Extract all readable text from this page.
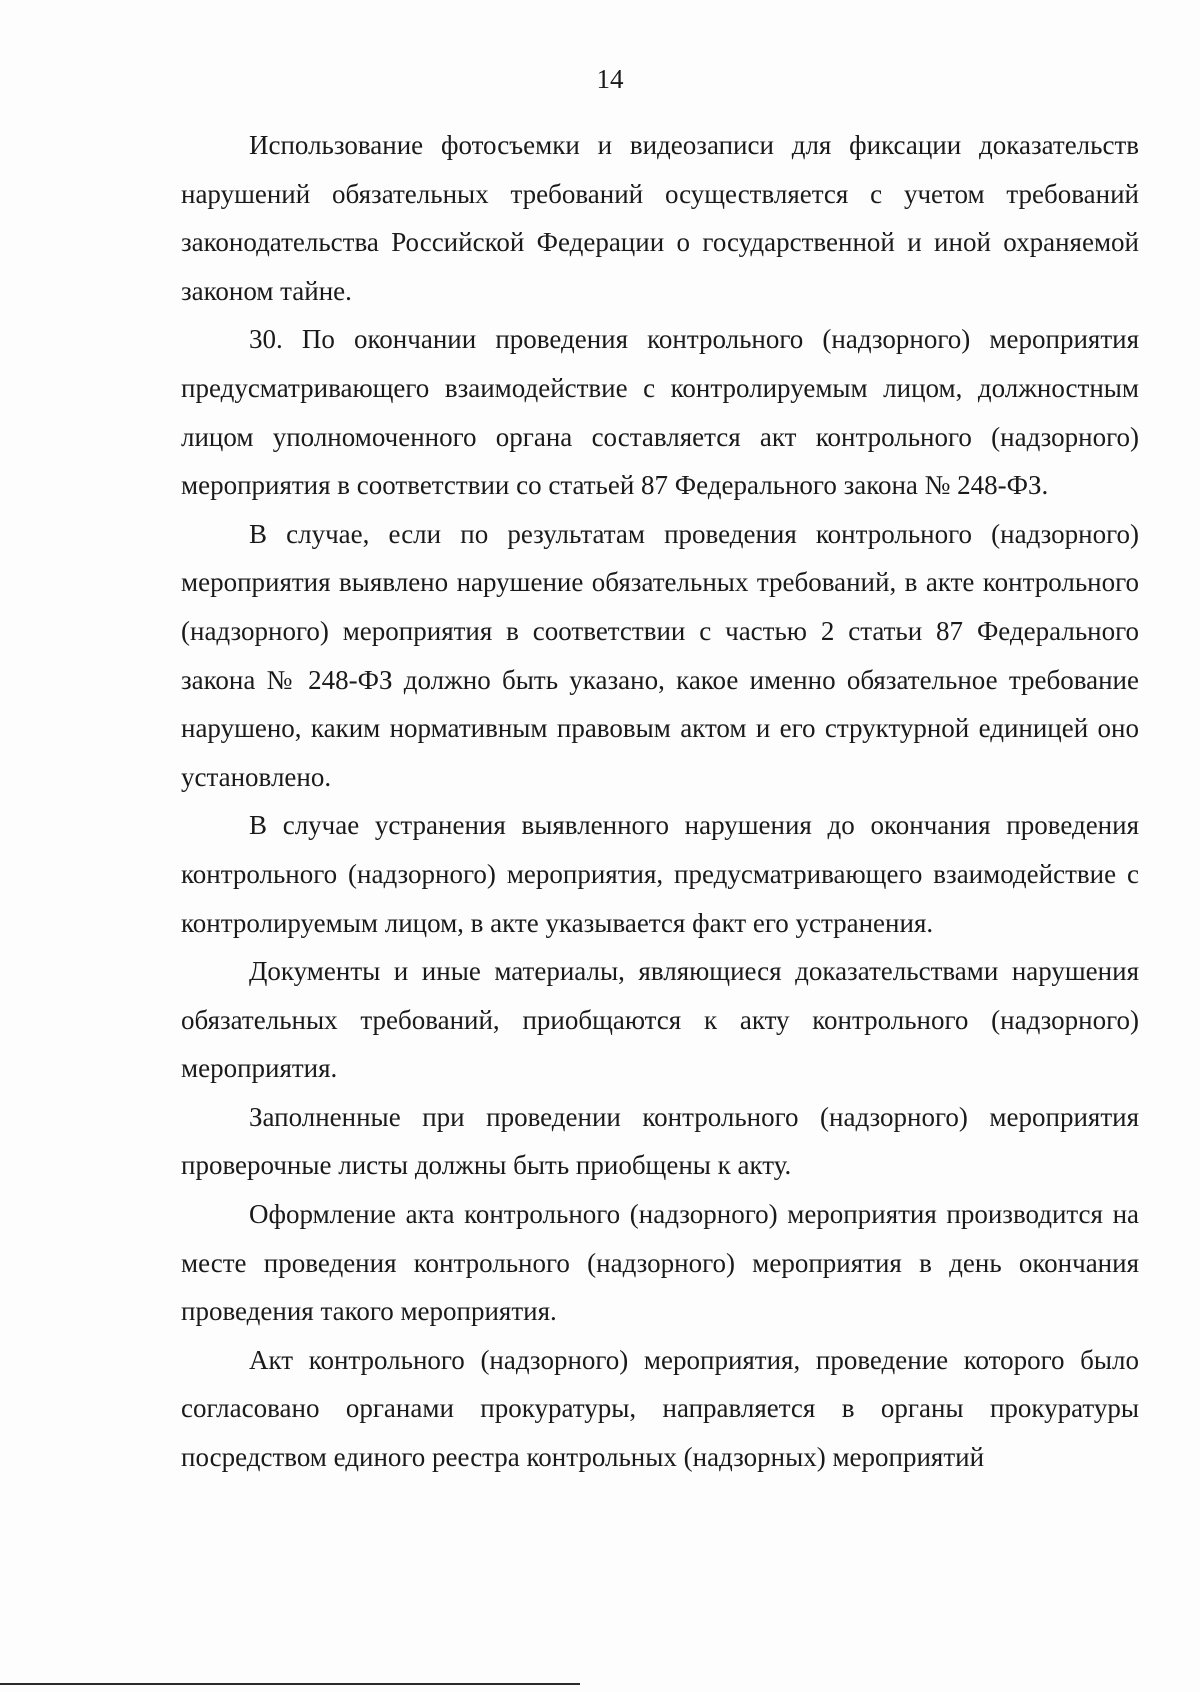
14

Использование фотосъемки и видеозаписи для фиксации доказательств нарушений обязательных требований осуществляется с учетом требований законодательства Российской Федерации о государственной и иной охраняемой законом тайне.

30. По окончании проведения контрольного (надзорного) мероприятия предусматривающего взаимодействие с контролируемым лицом, должностным лицом уполномоченного органа составляется акт контрольного (надзорного) мероприятия в соответствии со статьей 87 Федерального закона № 248-ФЗ.

В случае, если по результатам проведения контрольного (надзорного) мероприятия выявлено нарушение обязательных требований, в акте контрольного (надзорного) мероприятия в соответствии с частью 2 статьи 87 Федерального закона № 248-ФЗ должно быть указано, какое именно обязательное требование нарушено, каким нормативным правовым актом и его структурной единицей оно установлено.

В случае устранения выявленного нарушения до окончания проведения контрольного (надзорного) мероприятия, предусматривающего взаимодействие с контролируемым лицом, в акте указывается факт его устранения.

Документы и иные материалы, являющиеся доказательствами нарушения обязательных требований, приобщаются к акту контрольного (надзорного) мероприятия.

Заполненные при проведении контрольного (надзорного) мероприятия проверочные листы должны быть приобщены к акту.

Оформление акта контрольного (надзорного) мероприятия производится на месте проведения контрольного (надзорного) мероприятия в день окончания проведения такого мероприятия.

Акт контрольного (надзорного) мероприятия, проведение которого было согласовано органами прокуратуры, направляется в органы прокуратуры посредством единого реестра контрольных (надзорных) мероприятий
